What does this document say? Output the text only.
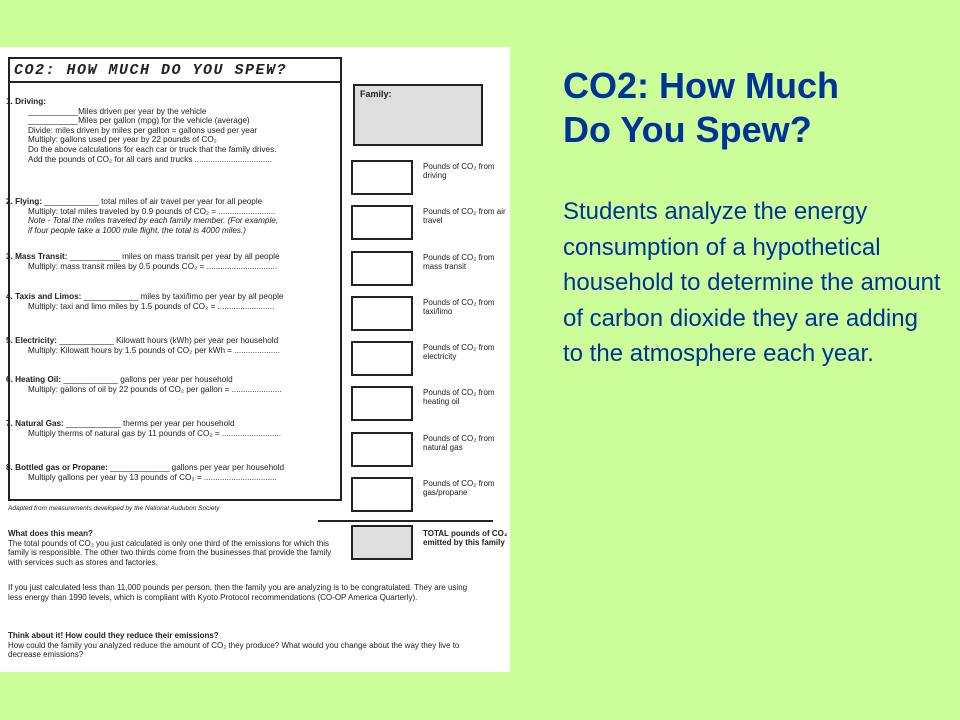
CO2: HOW MUCH DO YOU SPEW?
Family:
1. Driving:
___________Miles driven per year by the vehicle
___________Miles per gallon (mpg) for the vehicle (average)
Divide: miles driven by miles per gallon = gallons used per year
Multiply: gallons used per year by 22 pounds of CO₂
Do the above calculations for each car or truck that the family drives.
Add the pounds of CO₂ for all cars and trucks ..................................
2. Flying: ____________ total miles of air travel per year for all people
Multiply: total miles traveled by 0.9 pounds of CO₂ = .........................
Note - Total the miles traveled by each family member. (For example,
if four people take a 1000 mile flight, the total is 4000 miles.)
3. Mass Transit: ___________ miles on mass transit per year by all people
Multiply: mass transit miles by 0.5 pounds CO₂ = ...............................
4. Taxis and Limos: ____________ miles by taxi/limo per year by all people
Multiply: taxi and limo miles by 1.5 pounds of CO₂ = .........................
5. Electricity: ____________ Kilowatt hours (kWh) per year per household
Multiply: Kilowatt hours by 1.5 pounds of CO₂ per kWh = ....................
6. Heating Oil: ____________ gallons per year per household
Multiply: gallons of oil by 22 pounds of CO₂ per gallon = ......................
7. Natural Gas: ____________ therms per year per household
Multiply therms of natural gas by 11 pounds of CO₂ = ..........................
8. Bottled gas or Propane: _____________ gallons per year per household
Multiply gallons per year by 13 pounds of CO₂ = ................................
Pounds of CO₂ from driving
Pounds of CO₂ from air travel
Pounds of CO₂ from mass transit
Pounds of CO₂ from taxi/limo
Pounds of CO₂ from electricity
Pounds of CO₂ from heating oil
Pounds of CO₂ from natural gas
Pounds of CO₂ from gas/propane
Adapted from measurements developed by the National Audubon Society
TOTAL pounds of CO₂ emitted by this family
What does this mean?
The total pounds of CO₂ you just calculated is only one third of the emissions for which this family is responsible. The other two thirds come from the businesses that provide the family with services such as stores and factories.
If you just calculated less than 11,000 pounds per person, then the family you are analyzing is to be congratulated. They are using less energy than 1990 levels, which is compliant with Kyoto Protocol recommendations (CO-OP America Quarterly).
Think about it! How could they reduce their emissions?
How could the family you analyzed reduce the amount of CO₂ they produce? What would you change about the way they live to decrease emissions?
CO2: How Much
Do You Spew?
Students analyze the energy consumption of a hypothetical household to determine the amount of carbon dioxide they are adding to the atmosphere each year.
